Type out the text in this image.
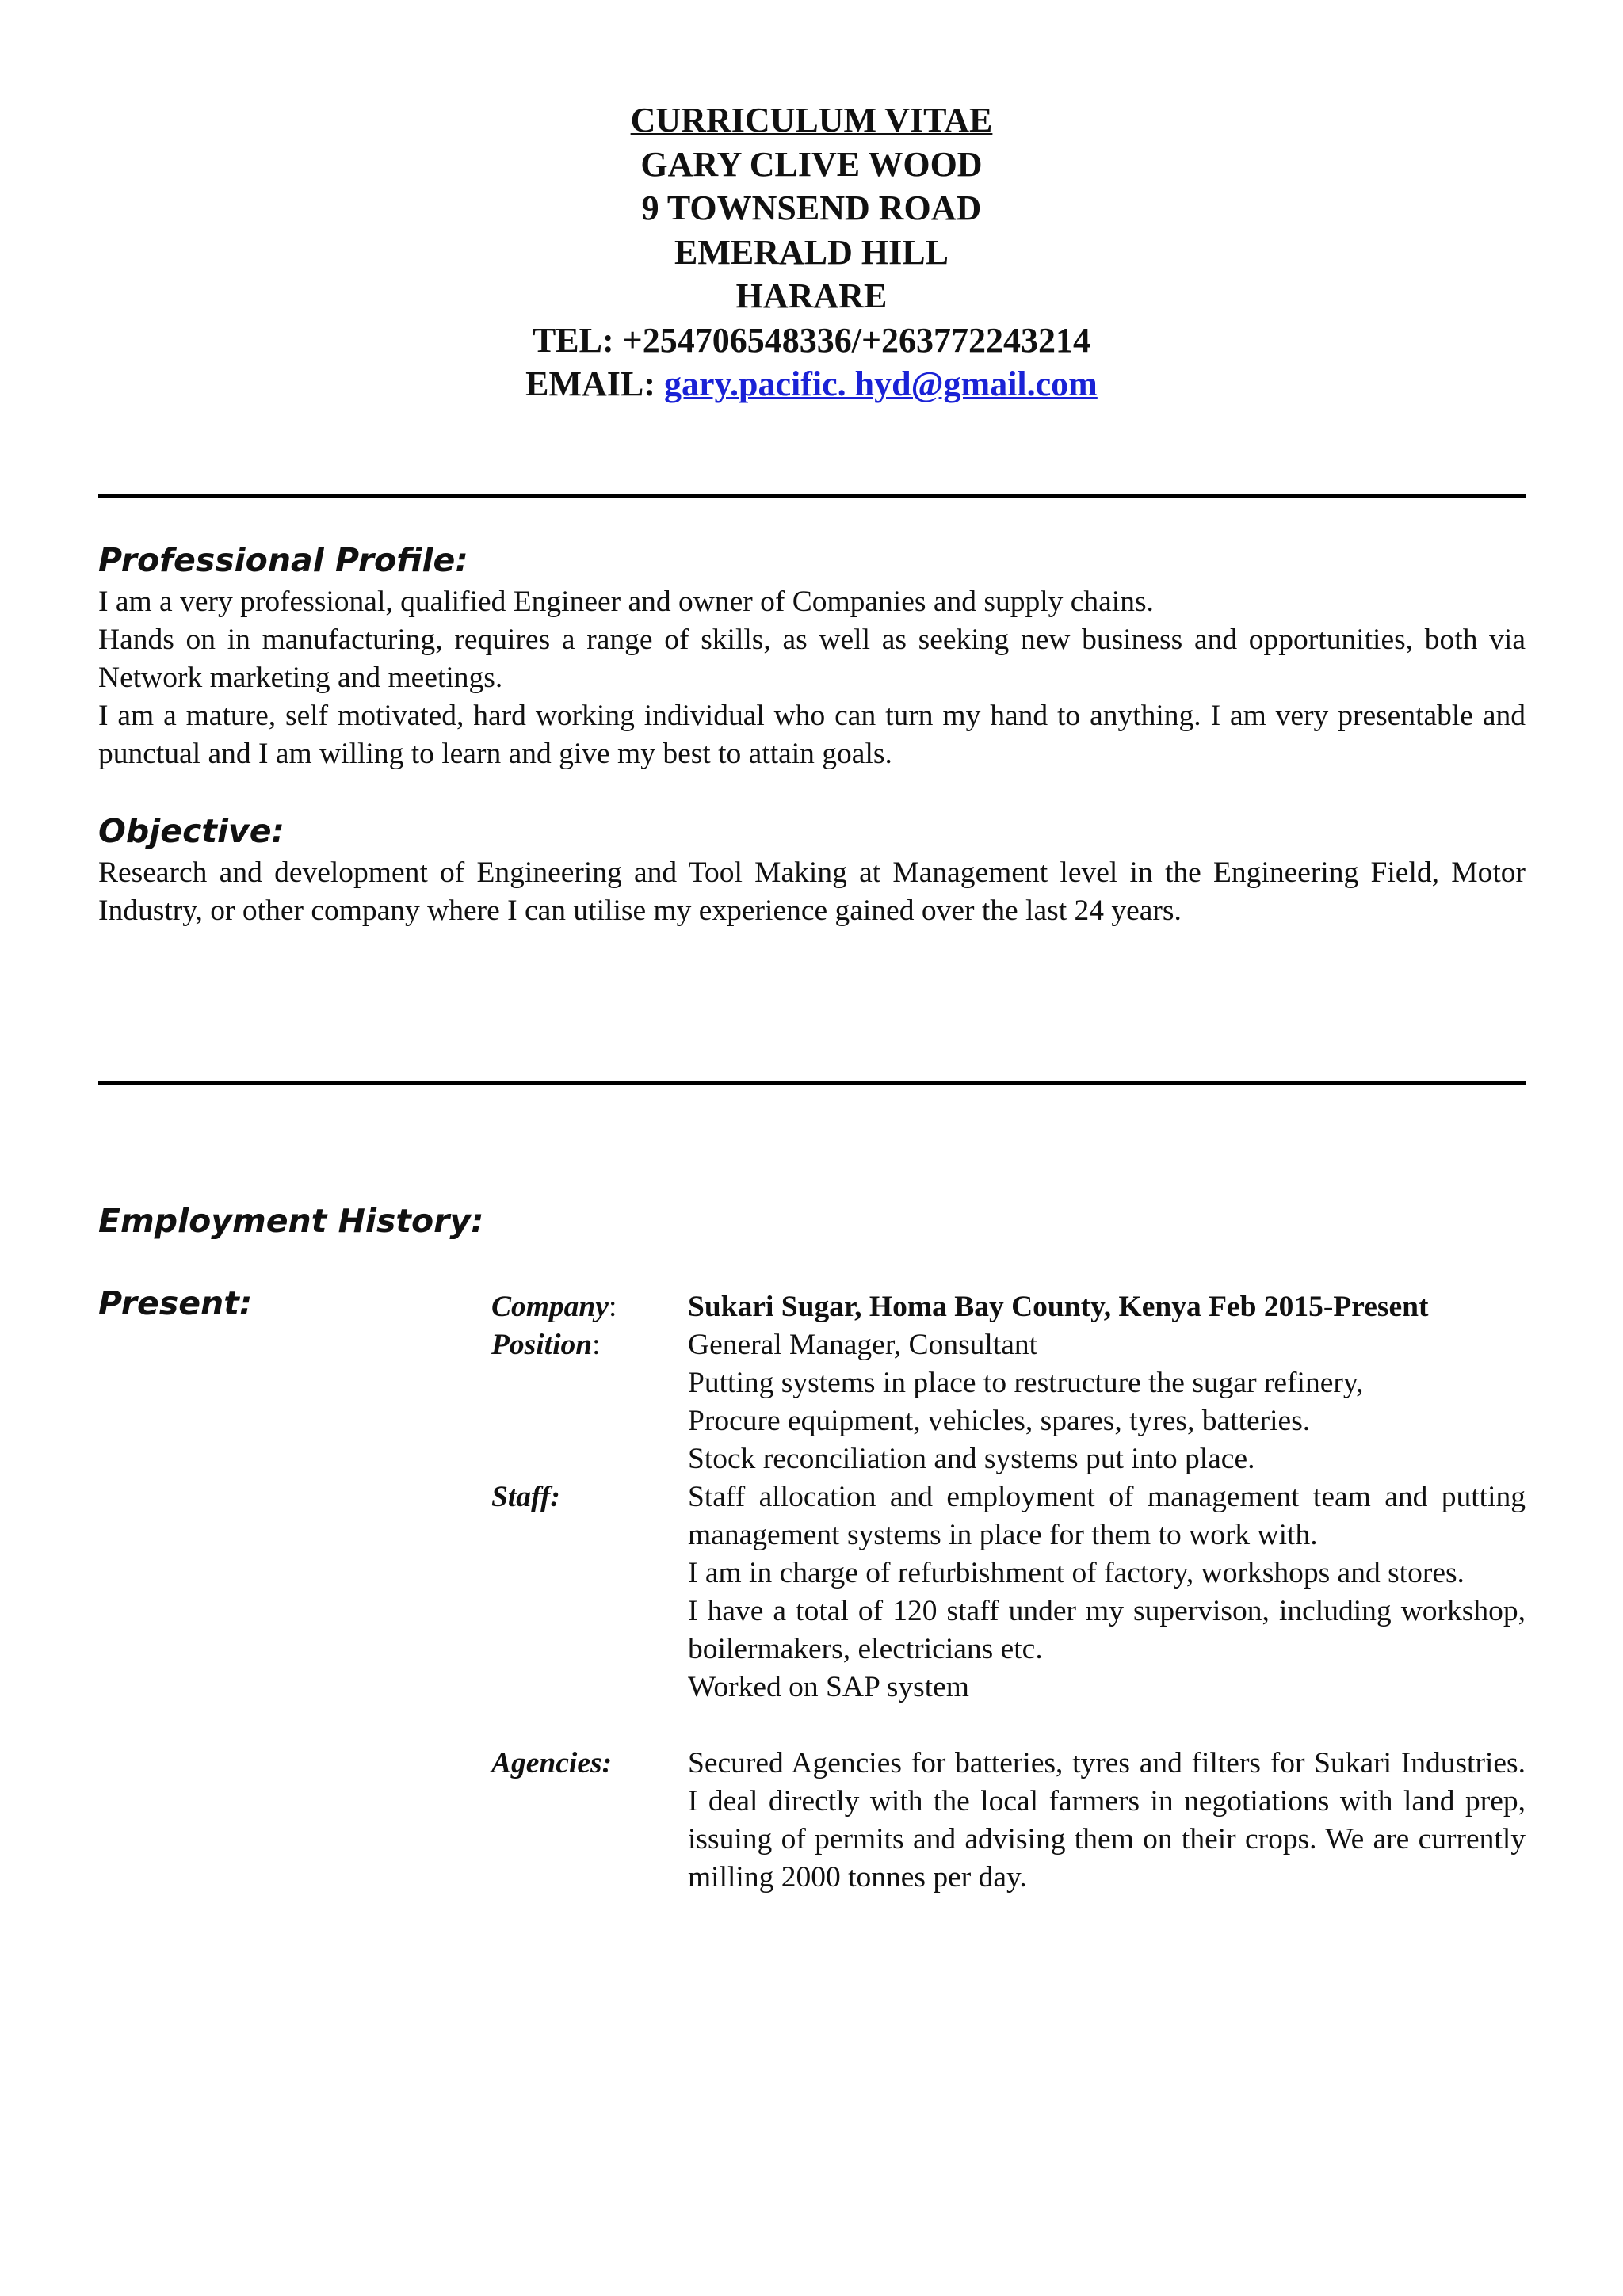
CURRICULUM VITAE
GARY CLIVE WOOD
9 TOWNSEND ROAD
EMERALD HILL
HARARE
TEL: +254706548336/+263772243214
EMAIL: gary.pacific. hyd@gmail.com
Professional Profile:

I am a very professional, qualified Engineer and owner of Companies and supply chains.

Hands on in manufacturing, requires a range of skills, as well as seeking new business and opportunities, both via Network marketing and meetings.

I am a mature, self motivated, hard working individual who can turn my hand to anything. I am very presentable and punctual and I am willing to learn and give my best to attain goals.

Objective:

Research and development of Engineering and Tool Making at Management level in the Engineering Field, Motor Industry, or other company where I can utilise my experience gained over the last 24 years.

Employment History:
Present:	Company: Sukari Sugar, Homa Bay County, Kenya Feb 2015-Present
Position:	General Manager, Consultant
Putting systems in place to restructure the sugar refinery,
Procure equipment, vehicles, spares, tyres, batteries.
Stock reconciliation and systems put into place.
Staff:	Staff allocation and employment of management team and putting management systems in place for them to work with.
I am in charge of refurbishment of factory, workshops and stores.
I have a total of 120 staff under my supervison, including workshop, boilermakers, electricians etc.
Worked on SAP system
Agencies:	Secured Agencies for batteries, tyres and filters for Sukari Industries. I deal directly with the local farmers in negotiations with land prep, issuing of permits and advising them on their crops. We are currently milling 2000 tonnes per day.
